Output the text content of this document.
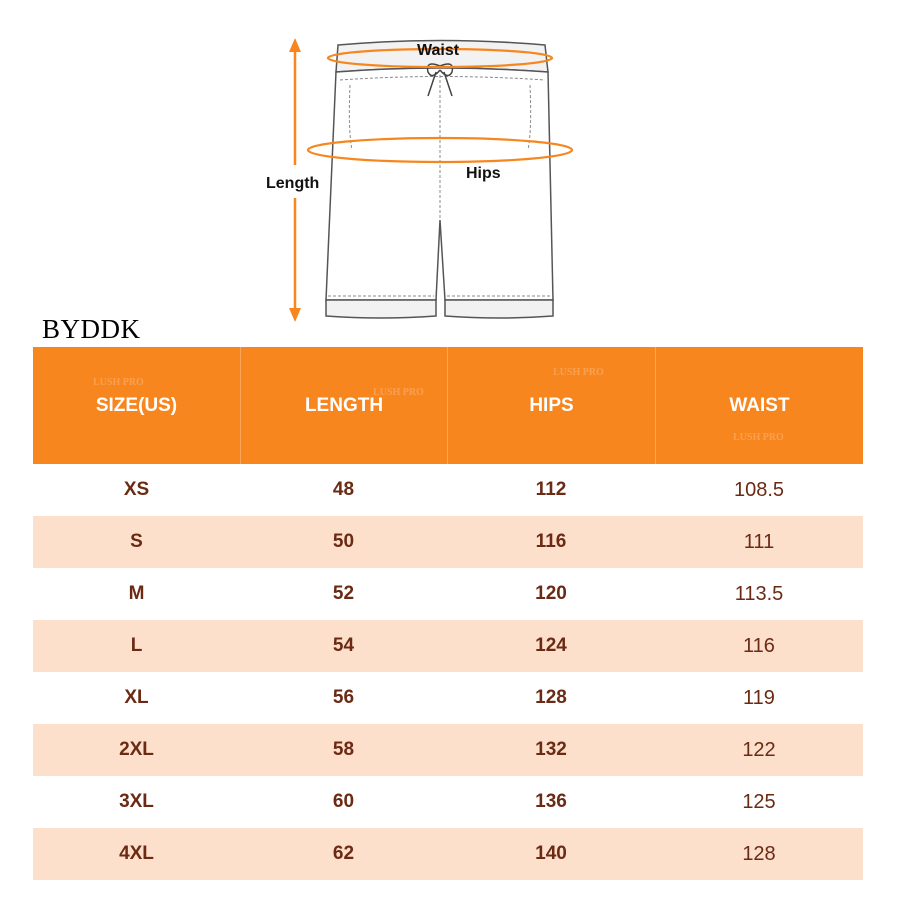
Waist
Hips
Length
BYDDK
LUSH PRO
LUSH PRO
LUSH PRO
LUSH PRO
SIZE(US)	LENGTH	HIPS	WAIST
XS	48	112	108.5
S	50	116	111
M	52	120	113.5
L	54	124	116
XL	56	128	119
2XL	58	132	122
3XL	60	136	125
4XL	62	140	128
